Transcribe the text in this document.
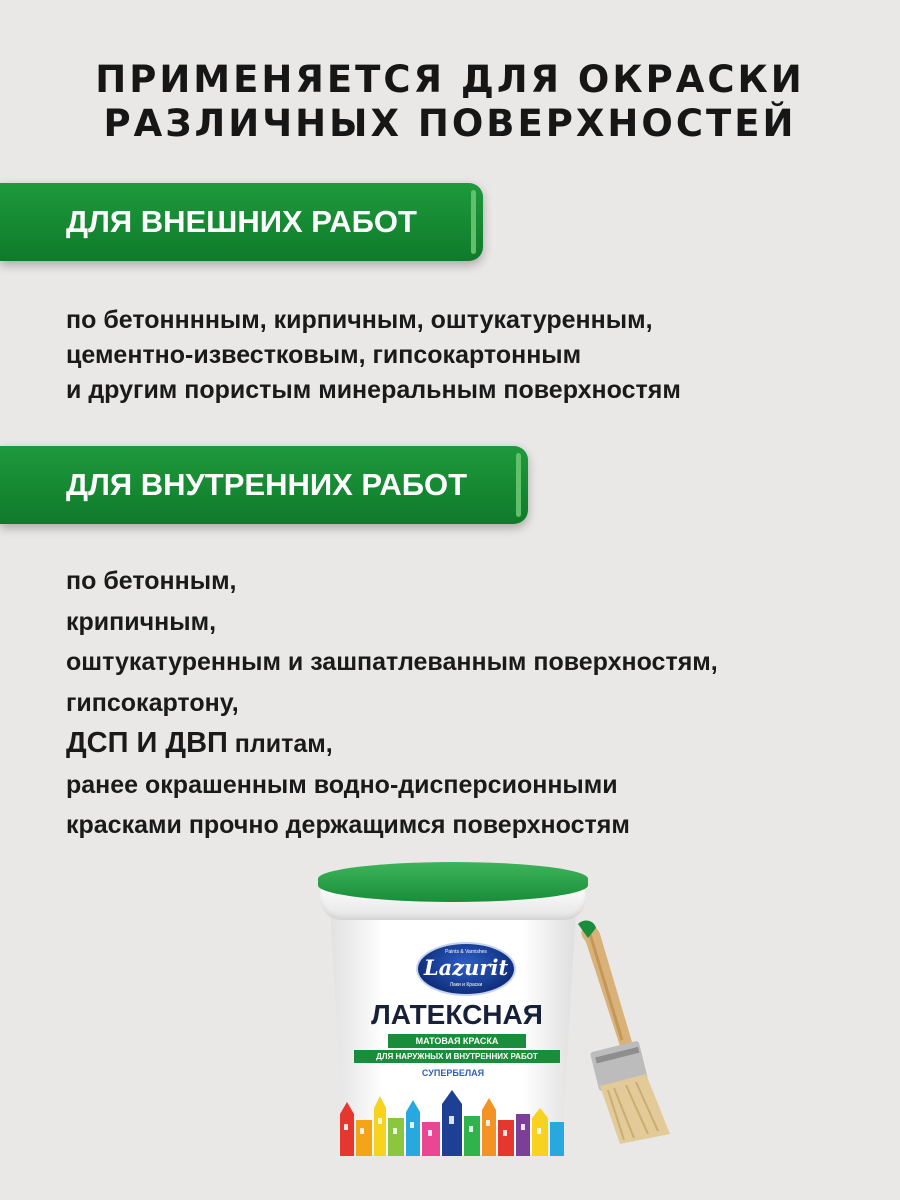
ПРИМЕНЯЕТСЯ ДЛЯ ОКРАСКИ
РАЗЛИЧНЫХ ПОВЕРХНОСТЕЙ
ДЛЯ ВНЕШНИХ РАБОТ
по бетонннным, кирпичным, оштукатуренным,
цементно-известковым, гипсокартонным
и другим пористым минеральным поверхностям
ДЛЯ ВНУТРЕННИХ РАБОТ
по бетонным,
крипичным,
оштукатуренным и зашпатлеванным поверхностям,
гипсокартону,
ДСП И ДВП плитам,
ранее окрашенным водно-дисперсионными
красками прочно держащимся поверхностям
Paints & Varnishes
Lazurit
Лаки и Краски
ЛАТЕКСНАЯ
МАТОВАЯ КРАСКА
ДЛЯ НАРУЖНЫХ И ВНУТРЕННИХ РАБОТ
СУПЕРБЕЛАЯ
